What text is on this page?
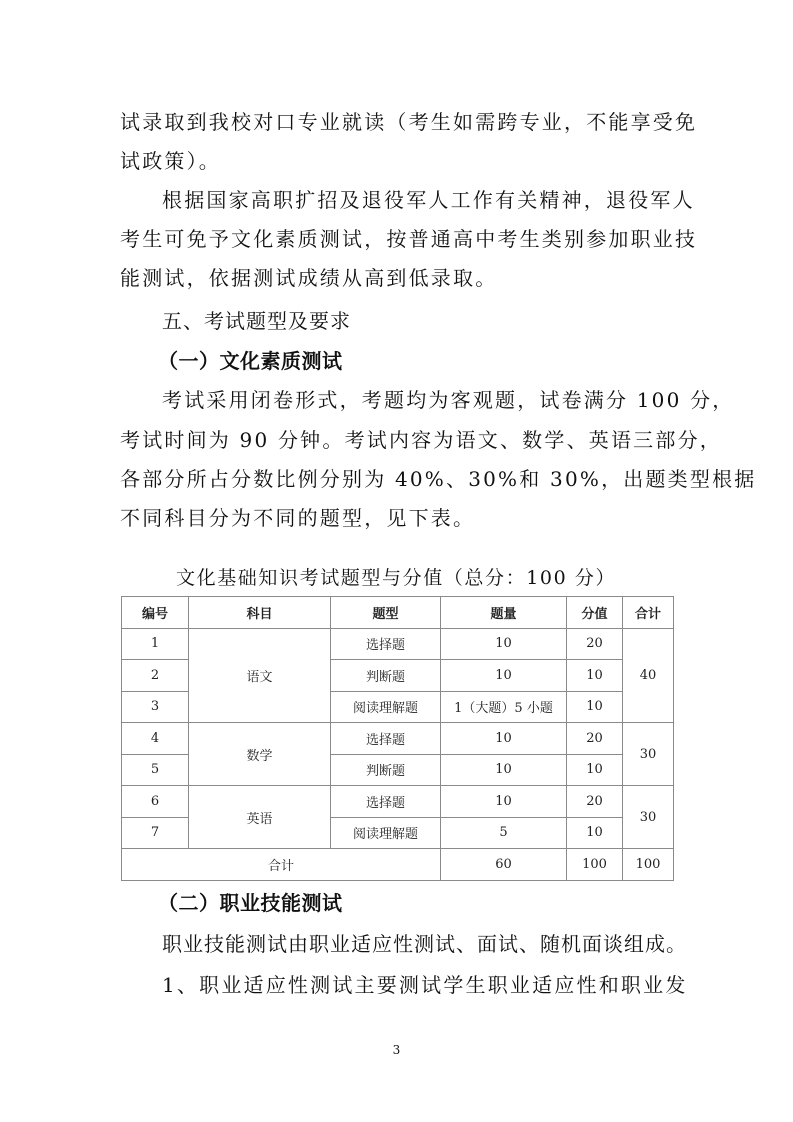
试录取到我校对口专业就读（考生如需跨专业，不能享受免
试政策）。
根据国家高职扩招及退役军人工作有关精神，退役军人
考生可免予文化素质测试，按普通高中考生类别参加职业技
能测试，依据测试成绩从高到低录取。
五、考试题型及要求
（一）文化素质测试
考试采用闭卷形式，考题均为客观题，试卷满分 100 分，
考试时间为 90 分钟。考试内容为语文、数学、英语三部分，
各部分所占分数比例分别为 40%、30%和 30%，出题类型根据
不同科目分为不同的题型，见下表。
文化基础知识考试题型与分值（总分：100 分）
编号	科目	题型	题量	分值	合计
1	语文	选择题	10	20	40
2		判断题	10	10	
3		阅读理解题	1（大题）5 小题	10	
4	数学	选择题	10	20	30
5		判断题	10	10	
6	英语	选择题	10	20	30
7		阅读理解题	5	10	
合计			60	100	100
（二）职业技能测试
职业技能测试由职业适应性测试、面试、随机面谈组成。
1、职业适应性测试主要测试学生职业适应性和职业发
3
